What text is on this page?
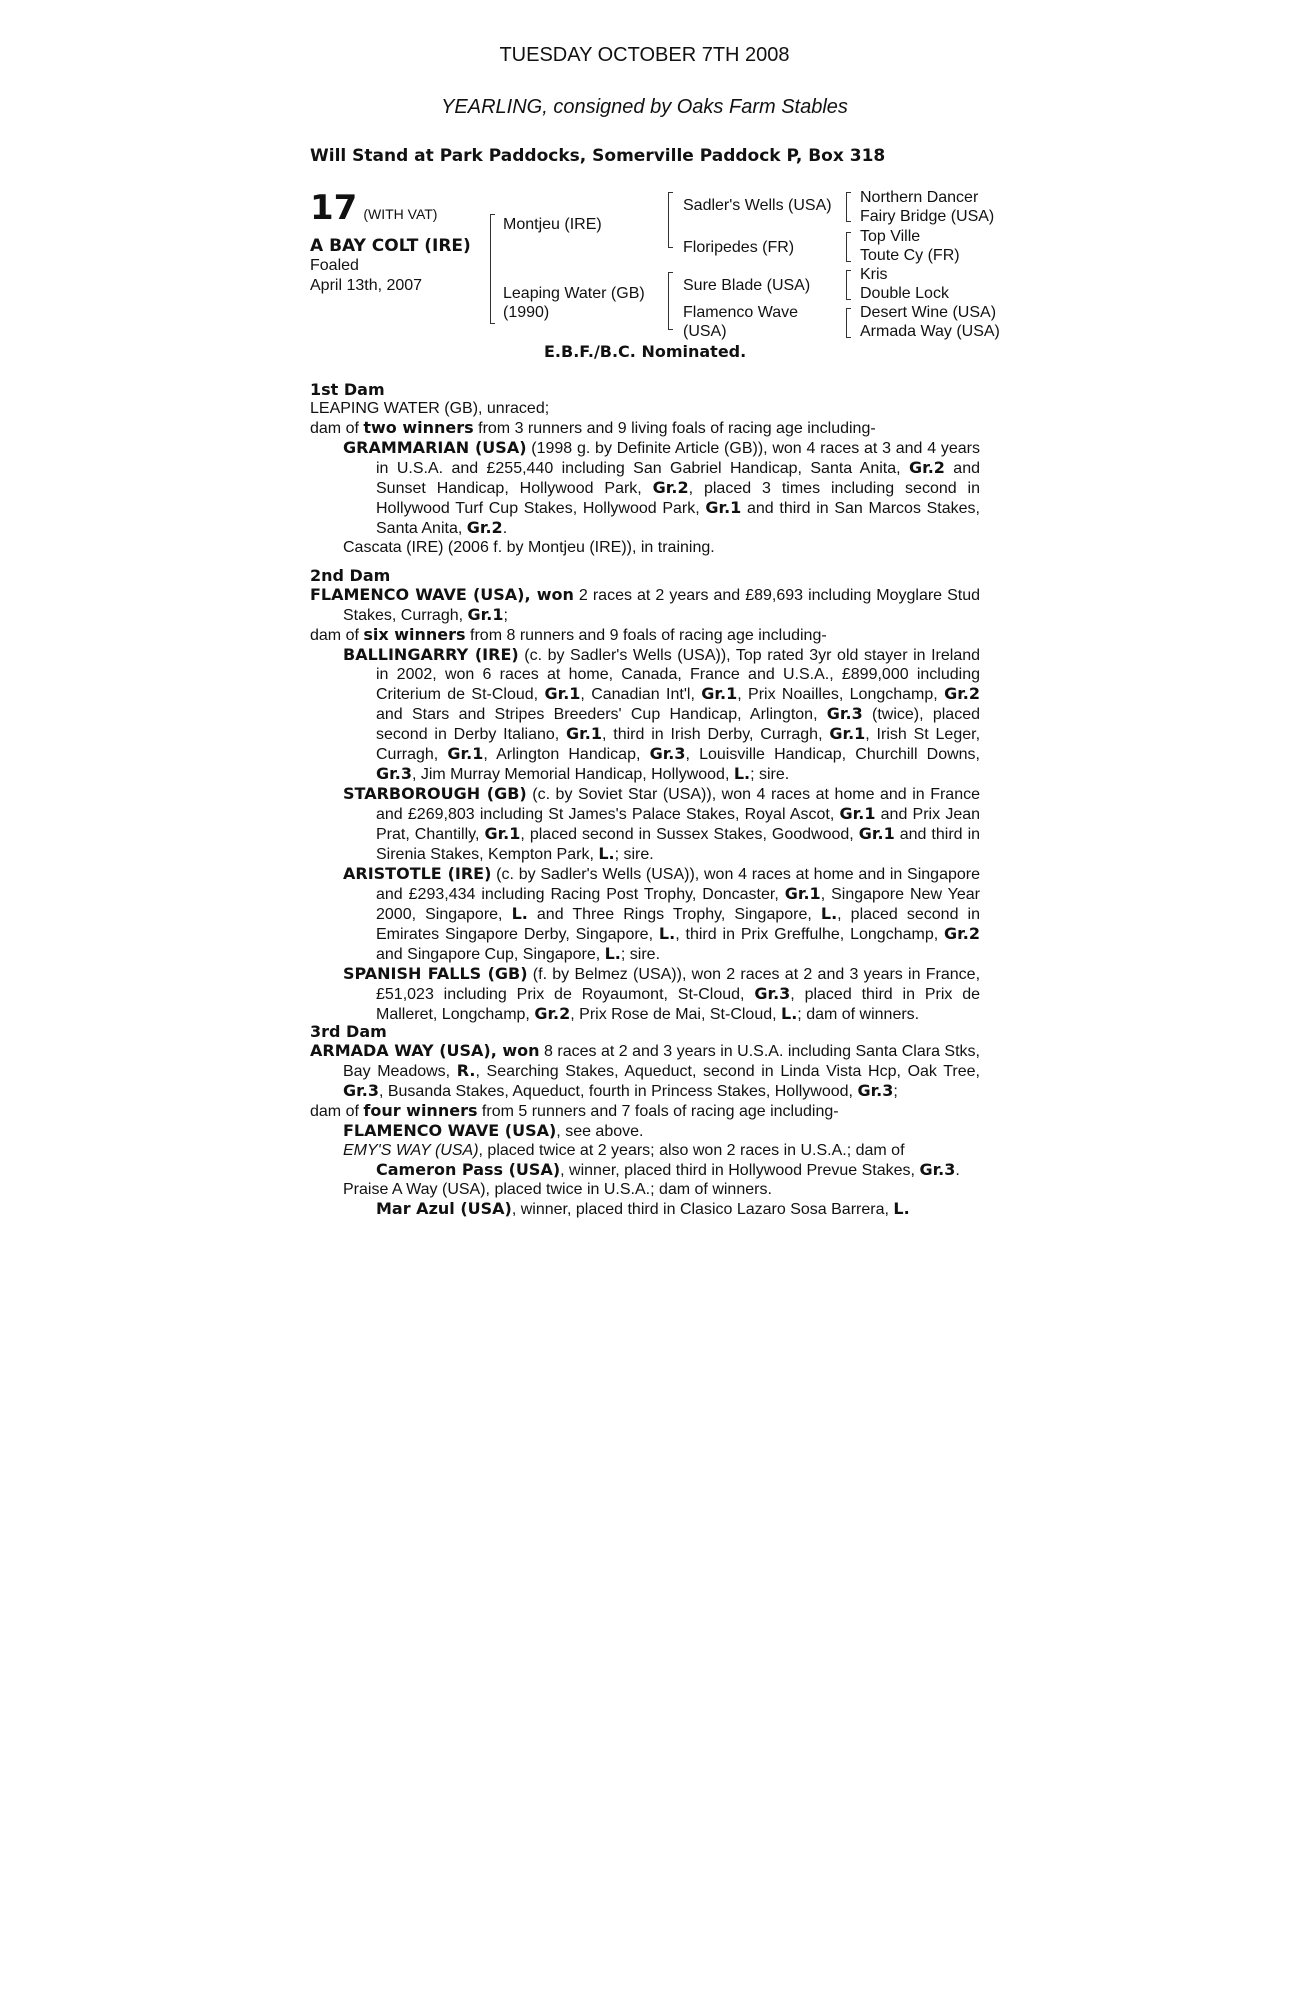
TUESDAY OCTOBER 7TH 2008
YEARLING, consigned by Oaks Farm Stables
Will Stand at Park Paddocks, Somerville Paddock P, Box 318
17 (WITH VAT)
A BAY COLT (IRE)
Foaled
April 13th, 2007
Montjeu (IRE)
Leaping Water (GB)
(1990)
Sadler's Wells (USA)
Floripedes (FR)
Sure Blade (USA)
Flamenco Wave
(USA)
Northern Dancer
Fairy Bridge (USA)
Top Ville
Toute Cy (FR)
Kris
Double Lock
Desert Wine (USA)
Armada Way (USA)
E.B.F./B.C. Nominated.
1st Dam

LEAPING WATER (GB), unraced;

dam of two winners from 3 runners and 9 living foals of racing age including-

GRAMMARIAN (USA) (1998 g. by Definite Article (GB)), won 4 races at 3 and 4 years in U.S.A. and £255,440 including San Gabriel Handicap, Santa Anita, Gr.2 and Sunset Handicap, Hollywood Park, Gr.2, placed 3 times including second in Hollywood Turf Cup Stakes, Hollywood Park, Gr.1 and third in San Marcos Stakes, Santa Anita, Gr.2.

Cascata (IRE) (2006 f. by Montjeu (IRE)), in training.

2nd Dam

FLAMENCO WAVE (USA), won 2 races at 2 years and £89,693 including Moyglare Stud Stakes, Curragh, Gr.1;

dam of six winners from 8 runners and 9 foals of racing age including-

BALLINGARRY (IRE) (c. by Sadler's Wells (USA)), Top rated 3yr old stayer in Ireland in 2002, won 6 races at home, Canada, France and U.S.A., £899,000 including Criterium de St-Cloud, Gr.1, Canadian Int'l, Gr.1, Prix Noailles, Longchamp, Gr.2 and Stars and Stripes Breeders' Cup Handicap, Arlington, Gr.3 (twice), placed second in Derby Italiano, Gr.1, third in Irish Derby, Curragh, Gr.1, Irish St Leger, Curragh, Gr.1, Arlington Handicap, Gr.3, Louisville Handicap, Churchill Downs, Gr.3, Jim Murray Memorial Handicap, Hollywood, L.; sire.

STARBOROUGH (GB) (c. by Soviet Star (USA)), won 4 races at home and in France and £269,803 including St James's Palace Stakes, Royal Ascot, Gr.1 and Prix Jean Prat, Chantilly, Gr.1, placed second in Sussex Stakes, Goodwood, Gr.1 and third in Sirenia Stakes, Kempton Park, L.; sire.

ARISTOTLE (IRE) (c. by Sadler's Wells (USA)), won 4 races at home and in Singapore and £293,434 including Racing Post Trophy, Doncaster, Gr.1, Singapore New Year 2000, Singapore, L. and Three Rings Trophy, Singapore, L., placed second in Emirates Singapore Derby, Singapore, L., third in Prix Greffulhe, Longchamp, Gr.2 and Singapore Cup, Singapore, L.; sire.

SPANISH FALLS (GB) (f. by Belmez (USA)), won 2 races at 2 and 3 years in France, £51,023 including Prix de Royaumont, St-Cloud, Gr.3, placed third in Prix de Malleret, Longchamp, Gr.2, Prix Rose de Mai, St-Cloud, L.; dam of winners.

3rd Dam

ARMADA WAY (USA), won 8 races at 2 and 3 years in U.S.A. including Santa Clara Stks, Bay Meadows, R., Searching Stakes, Aqueduct, second in Linda Vista Hcp, Oak Tree, Gr.3, Busanda Stakes, Aqueduct, fourth in Princess Stakes, Hollywood, Gr.3;

dam of four winners from 5 runners and 7 foals of racing age including-

FLAMENCO WAVE (USA), see above.

EMY'S WAY (USA), placed twice at 2 years; also won 2 races in U.S.A.; dam of

Cameron Pass (USA), winner, placed third in Hollywood Prevue Stakes, Gr.3.

Praise A Way (USA), placed twice in U.S.A.; dam of winners.

Mar Azul (USA), winner, placed third in Clasico Lazaro Sosa Barrera, L.
